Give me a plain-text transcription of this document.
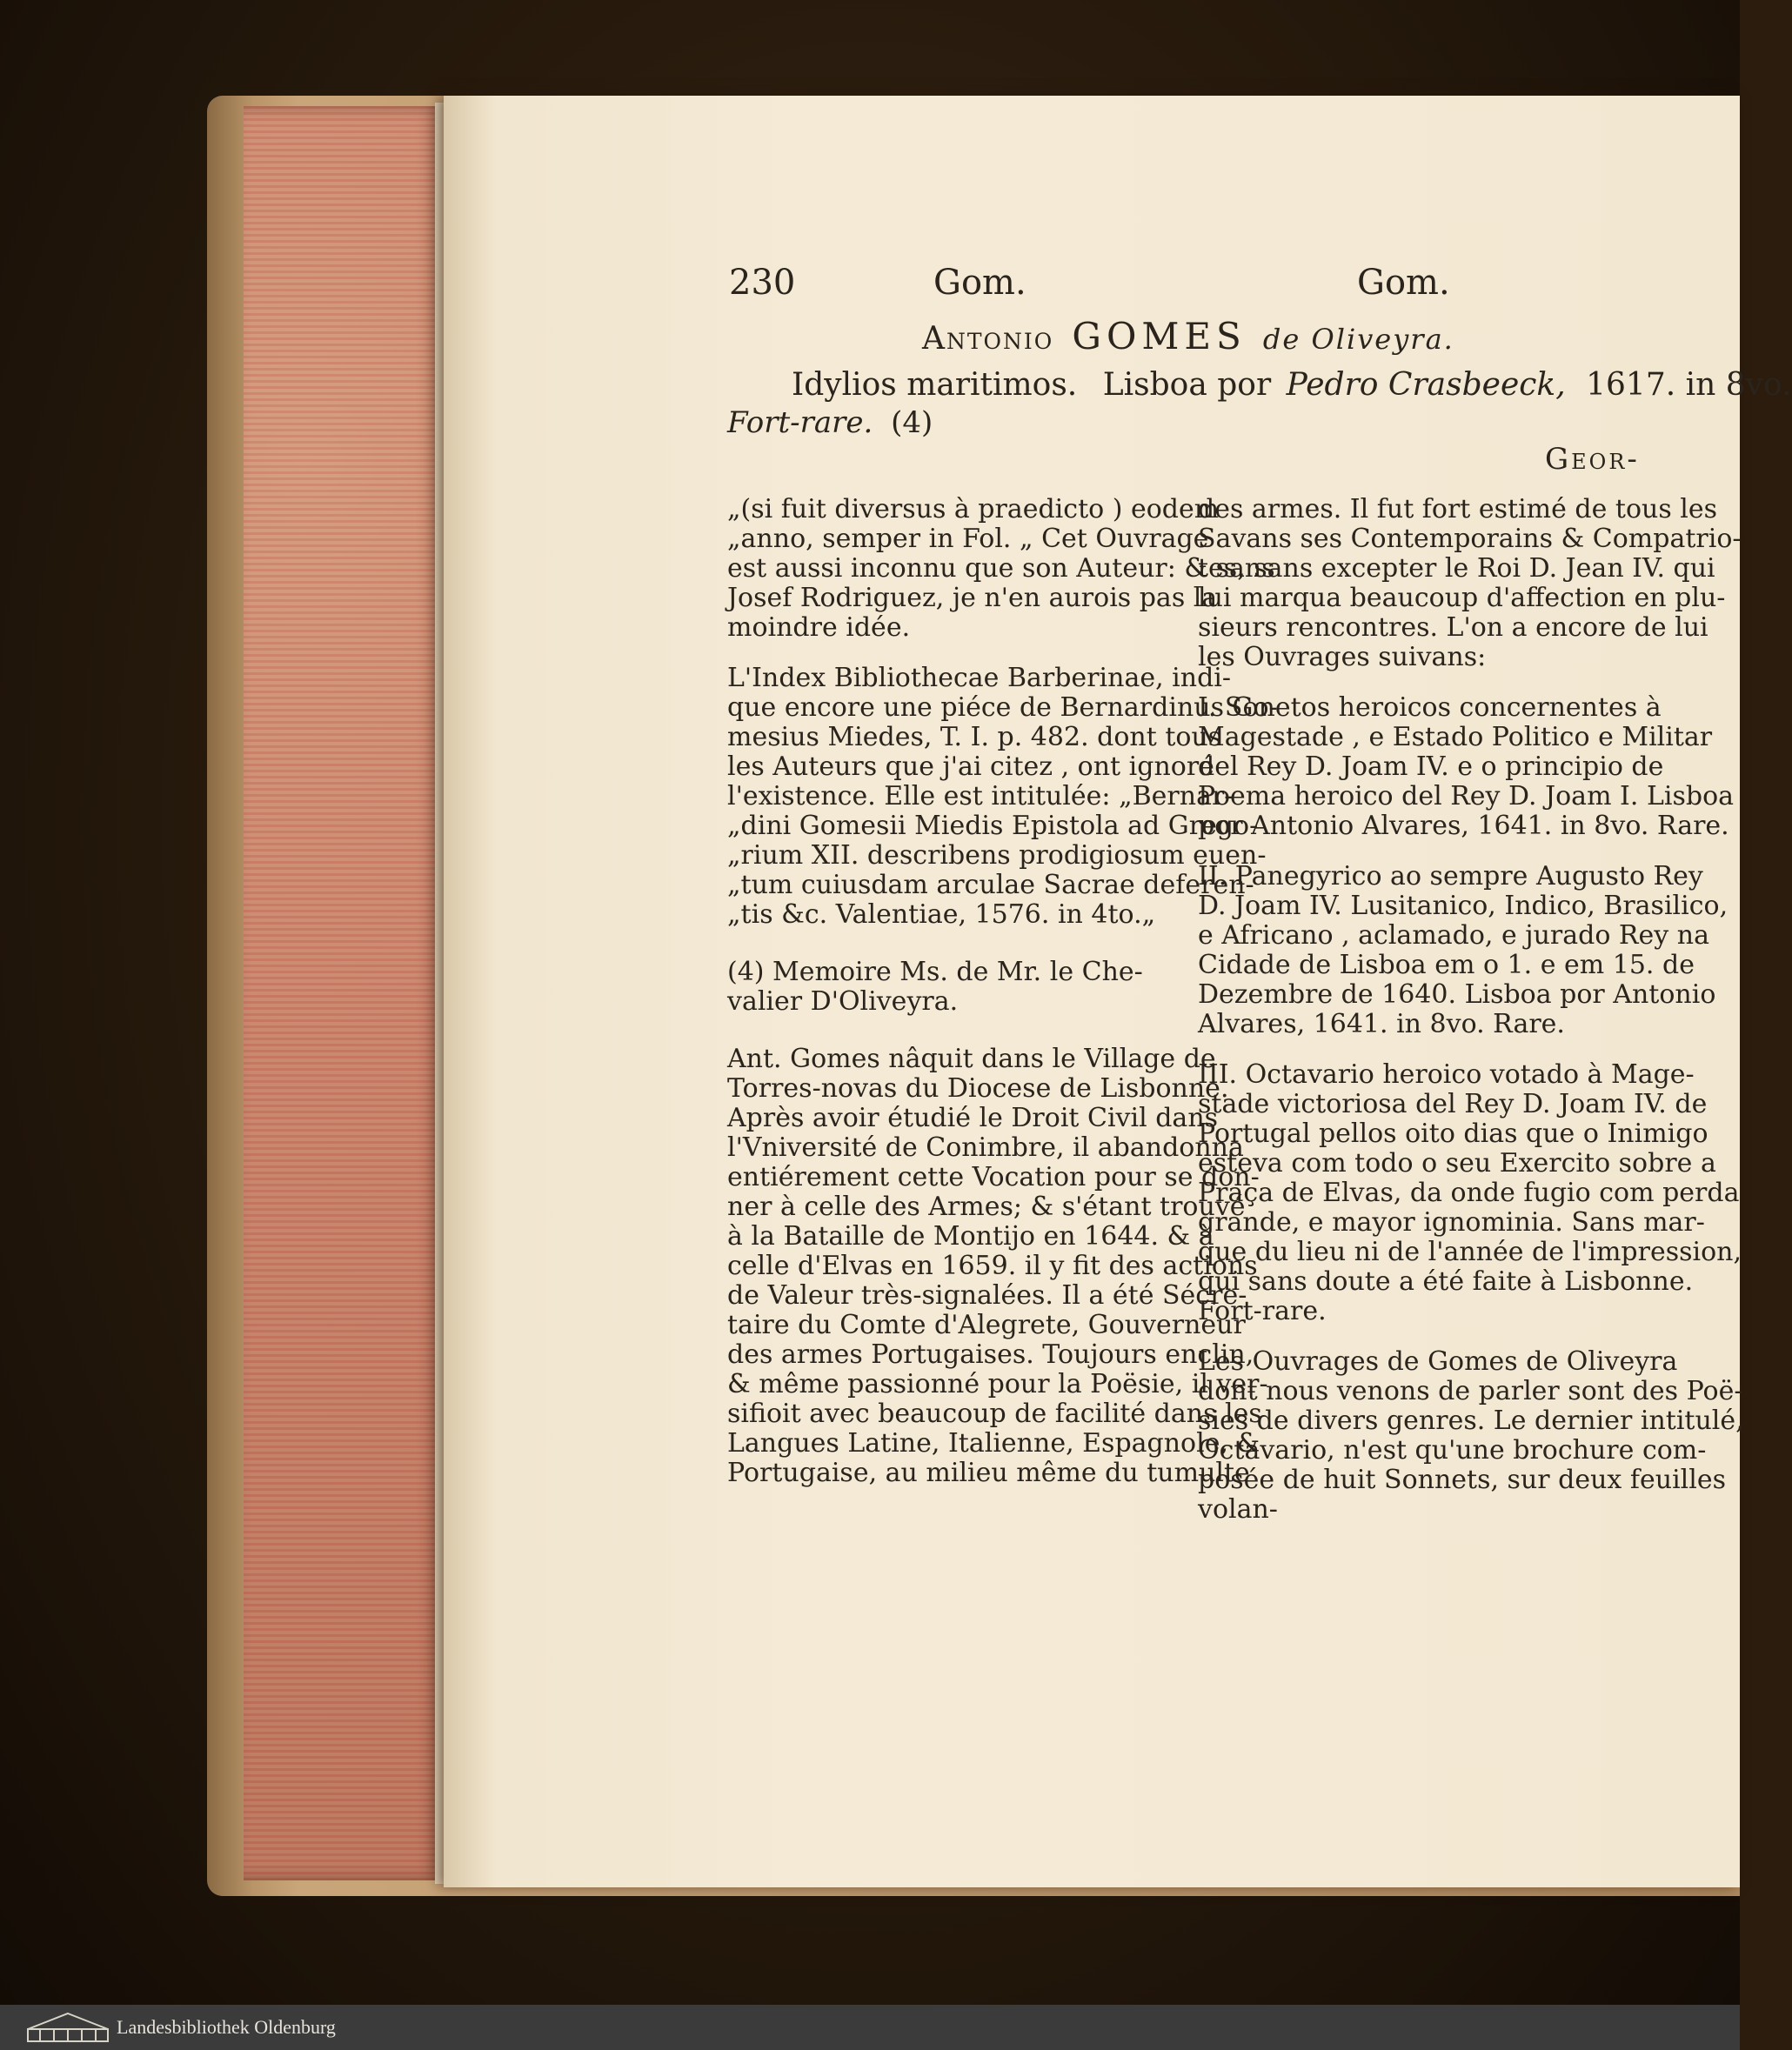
230	Gom.	Gom.
Antonio GOMES de Oliveyra.
Idylios maritimos. Lisboa por Pedro Crasbeeck, 1617. in 8vo.
Fort-rare. (4)
Geor-
„(si fuit diversus à praedicto ) eodem
„anno, semper in Fol. „ Cet Ouvrage
est aussi inconnu que son Auteur: & sans
Josef Rodriguez, je n'en aurois pas la
moindre idée.
L'Index Bibliothecae Barberinae, indi-
que encore une piéce de Bernardinus Go-
mesius Miedes, T. I. p. 482. dont tous
les Auteurs que j'ai citez , ont ignoré
l'existence. Elle est intitulée: „Bernar-
„dini Gomesii Miedis Epistola ad Grego-
„rium XII. describens prodigiosum euen-
„tum cuiusdam arculae Sacrae deferen-
„tis &c. Valentiae, 1576. in 4to.„
(4) Memoire Ms. de Mr. le Che-
valier D'Oliveyra.
Ant. Gomes nâquit dans le Village de
Torres-novas du Diocese de Lisbonne.
Après avoir étudié le Droit Civil dans
l'Vniversité de Conimbre, il abandonna
entiérement cette Vocation pour se don-
ner à celle des Armes; & s'étant trouvé
à la Bataille de Montijo en 1644. & à
celle d'Elvas en 1659. il y fit des actions
de Valeur très-signalées. Il a été Sécre-
taire du Comte d'Alegrete, Gouverneur
des armes Portugaises. Toujours enclin,
& même passionné pour la Poësie, il ver-
sifioit avec beaucoup de facilité dans les
Langues Latine, Italienne, Espagnole, &
Portugaise, au milieu même du tumulte
des armes. Il fut fort estimé de tous les
Savans ses Contemporains & Compatrio-
tes, sans excepter le Roi D. Jean IV. qui
lui marqua beaucoup d'affection en plu-
sieurs rencontres. L'on a encore de lui
les Ouvrages suivans:
I. Sonetos heroicos concernentes à
Magestade , e Estado Politico e Militar
del Rey D. Joam IV. e o principio de
Poema heroico del Rey D. Joam I. Lisboa
por Antonio Alvares, 1641. in 8vo. Rare.
II. Panegyrico ao sempre Augusto Rey
D. Joam IV. Lusitanico, Indico, Brasilico,
e Africano , aclamado, e jurado Rey na
Cidade de Lisboa em o 1. e em 15. de
Dezembre de 1640. Lisboa por Antonio
Alvares, 1641. in 8vo. Rare.
III. Octavario heroico votado à Mage-
stade victoriosa del Rey D. Joam IV. de
Portugal pellos oito dias que o Inimigo
esteva com todo o seu Exercito sobre a
Praça de Elvas, da onde fugio com perda
grande, e mayor ignominia. Sans mar-
que du lieu ni de l'année de l'impression,
qui sans doute a été faite à Lisbonne.
Fort-rare.
Les Ouvrages de Gomes de Oliveyra
dont nous venons de parler sont des Poë-
sies de divers genres. Le dernier intitulé,
Octavario, n'est qu'une brochure com-
posée de huit Sonnets, sur deux feuilles
volan-
Landesbibliothek Oldenburg
